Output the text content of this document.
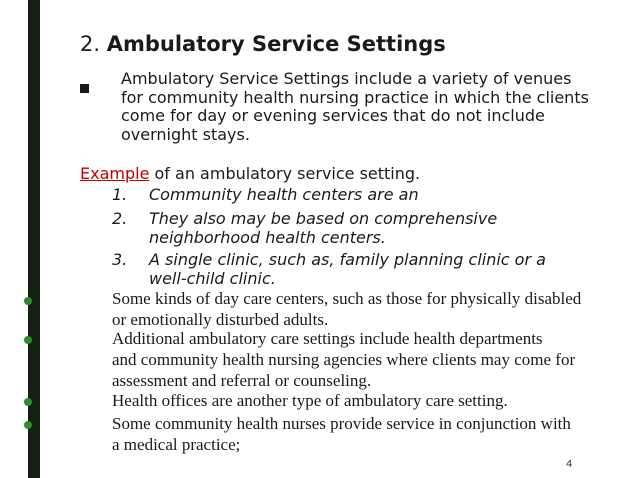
2. Ambulatory Service Settings
Ambulatory Service Settings include a variety of venues
for community health nursing practice in which the clients
come for day or evening services that do not include
overnight stays.
Example of an ambulatory service setting.
1. Community health centers are an
2. They also may be based on comprehensive
neighborhood health centers.
3. A single clinic, such as, family planning clinic or a
well-child clinic.
Some kinds of day care centers, such as those for physically disabled
or emotionally disturbed adults.
Additional ambulatory care settings include health departments
and community health nursing agencies where clients may come for
assessment and referral or counseling.
Health offices are another type of ambulatory care setting.
Some community health nurses provide service in conjunction with
a medical practice;
4
